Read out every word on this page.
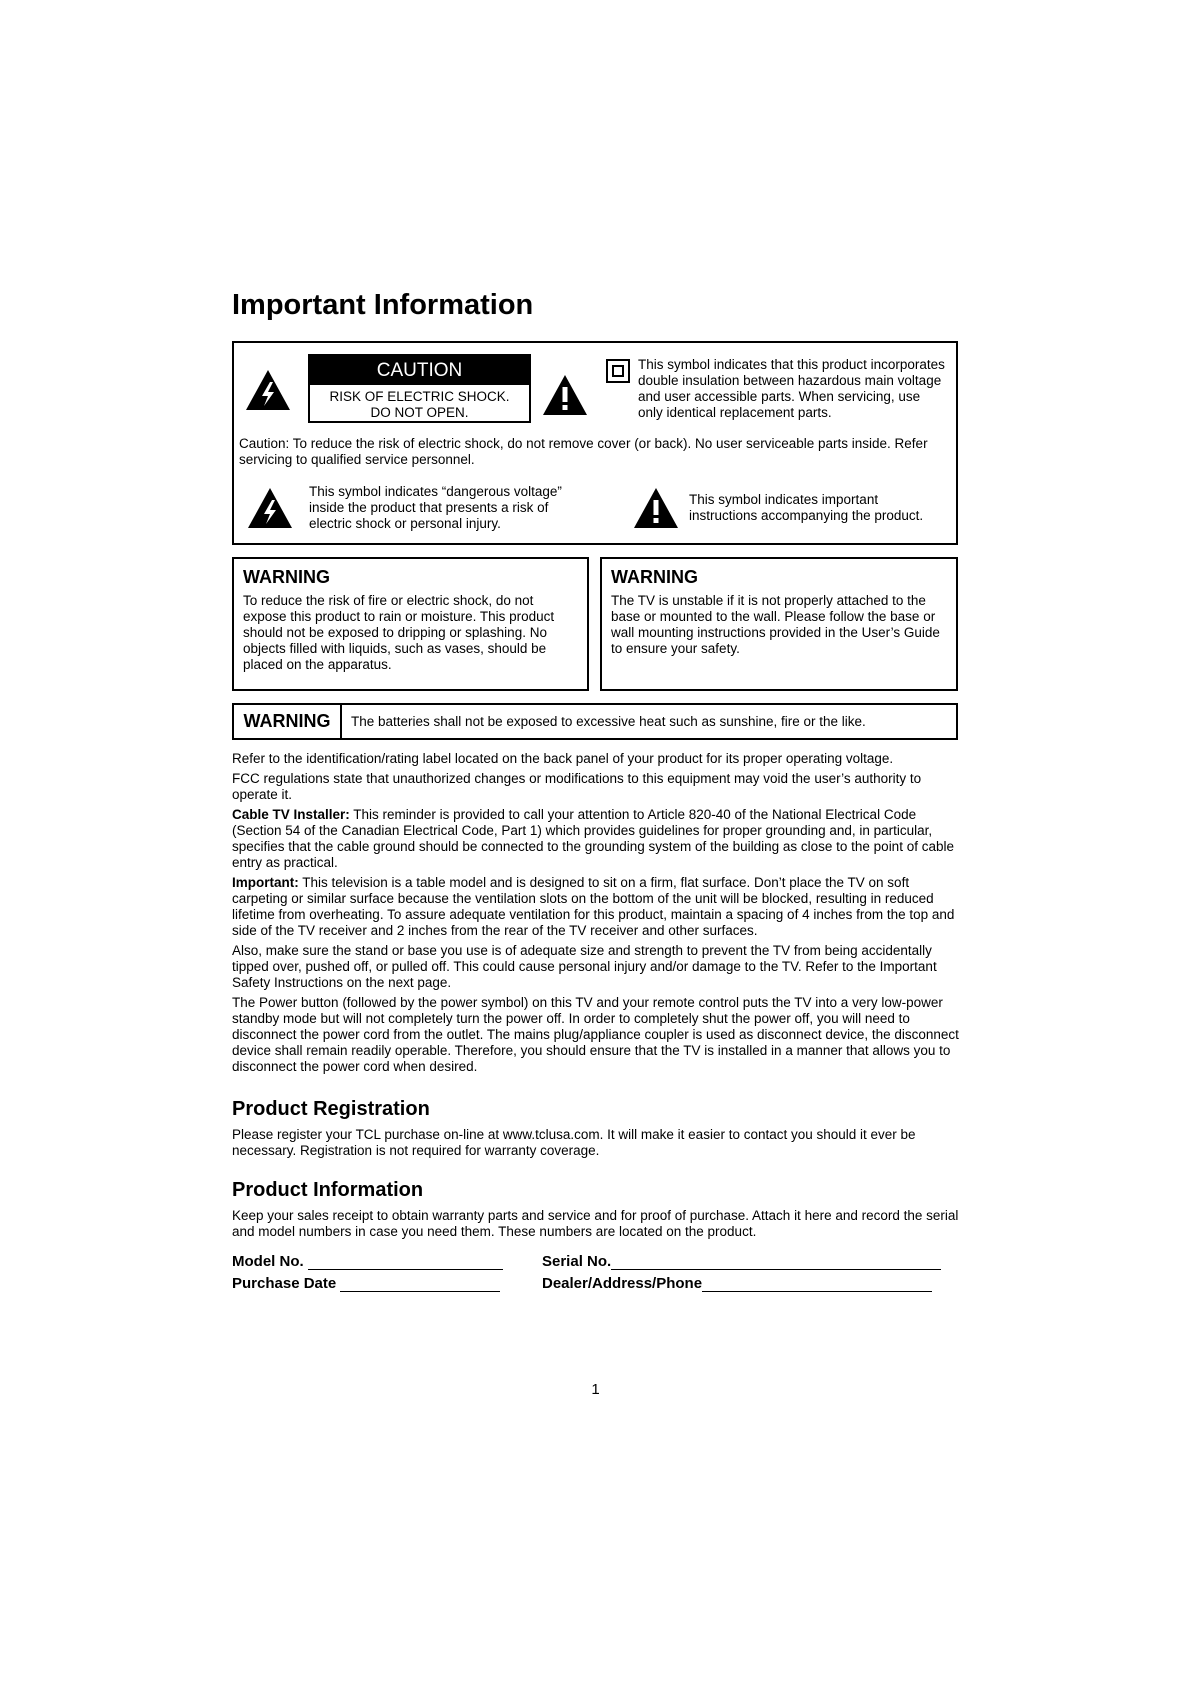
Important Information
CAUTION
RISK OF ELECTRIC SHOCK.
DO NOT OPEN.
This symbol indicates that this product incorporates double insulation between hazardous main voltage and user accessible parts. When servicing, use only identical replacement parts.
Caution: To reduce the risk of electric shock, do not remove cover (or back). No user serviceable parts inside. Refer servicing to qualified service personnel.
This symbol indicates “dangerous voltage” inside the product that presents a risk of electric shock or personal injury.
This symbol indicates important instructions accompanying the product.
WARNING

To reduce the risk of fire or electric shock, do not expose this product to rain or moisture. This product should not be exposed to dripping or splashing. No objects filled with liquids, such as vases, should be placed on the apparatus.

WARNING

The TV is unstable if it is not properly attached to the base or mounted to the wall. Please follow the base or wall mounting instructions provided in the User’s Guide to ensure your safety.

WARNING	The batteries shall not be exposed to excessive heat such as sunshine, fire or the like.

Refer to the identification/rating label located on the back panel of your product for its proper operating voltage.

FCC regulations state that unauthorized changes or modifications to this equipment may void the user’s authority to operate it.

Cable TV Installer: This reminder is provided to call your attention to Article 820-40 of the National Electrical Code (Section 54 of the Canadian Electrical Code, Part 1) which provides guidelines for proper grounding and, in particular, specifies that the cable ground should be connected to the grounding system of the building as close to the point of cable entry as practical.

Important: This television is a table model and is designed to sit on a firm, flat surface. Don’t place the TV on soft carpeting or similar surface because the ventilation slots on the bottom of the unit will be blocked, resulting in reduced lifetime from overheating. To assure adequate ventilation for this product, maintain a spacing of 4 inches from the top and side of the TV receiver and 2 inches from the rear of the TV receiver and other surfaces.

Also, make sure the stand or base you use is of adequate size and strength to prevent the TV from being accidentally tipped over, pushed off, or pulled off. This could cause personal injury and/or damage to the TV. Refer to the Important Safety Instructions on the next page.

The Power button (followed by the power symbol) on this TV and your remote control puts the TV into a very low-power standby mode but will not completely turn the power off. In order to completely shut the power off, you will need to disconnect the power cord from the outlet. The mains plug/appliance coupler is used as disconnect device, the disconnect device shall remain readily operable. Therefore, you should ensure that the TV is installed in a manner that allows you to disconnect the power cord when desired.

Product Registration
Please register your TCL purchase on-line at www.tclusa.com. It will make it easier to contact you should it ever be necessary. Registration is not required for warranty coverage.
Product Information
Keep your sales receipt to obtain warranty parts and service and for proof of purchase. Attach it here and record the serial and model numbers in case you need them. These numbers are located on the product.
Model No.	Serial No.
Purchase Date	Dealer/Address/Phone
1
